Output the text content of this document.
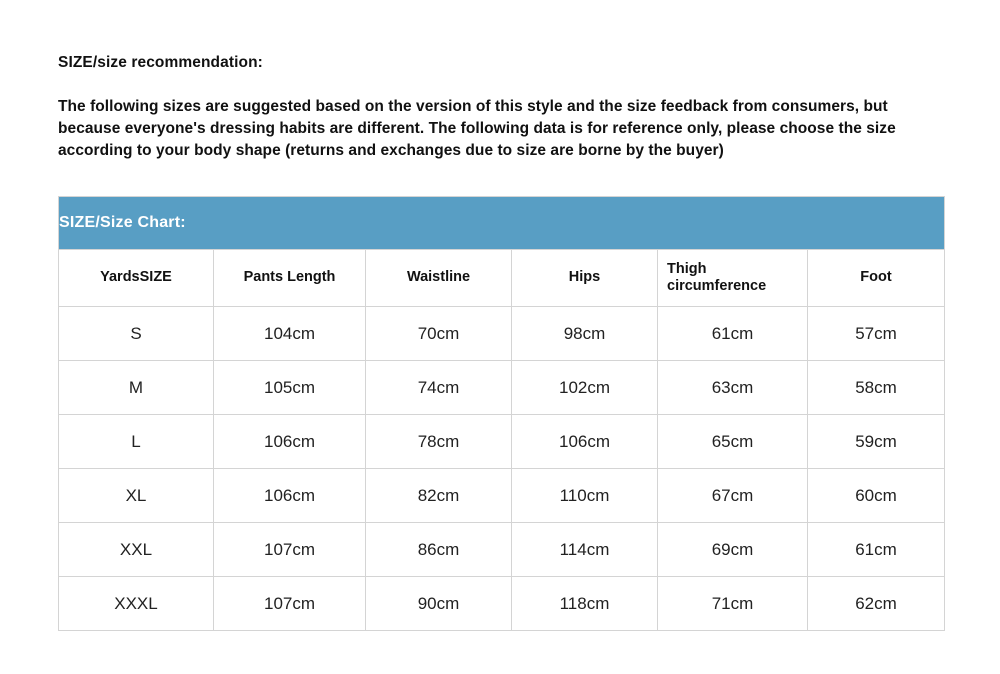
SIZE/size recommendation:
The following sizes are suggested based on the version of this style and the size feedback from consumers, but because everyone's dressing habits are different. The following data is for reference only, please choose the size according to your body shape (returns and exchanges due to size are borne by the buyer)
SIZE/Size Chart:					
YardsSIZE	Pants Length	Waistline	Hips	Thigh circumference	Foot
S	104cm	70cm	98cm	61cm	57cm
M	105cm	74cm	102cm	63cm	58cm
L	106cm	78cm	106cm	65cm	59cm
XL	106cm	82cm	110cm	67cm	60cm
XXL	107cm	86cm	114cm	69cm	61cm
XXXL	107cm	90cm	118cm	71cm	62cm
